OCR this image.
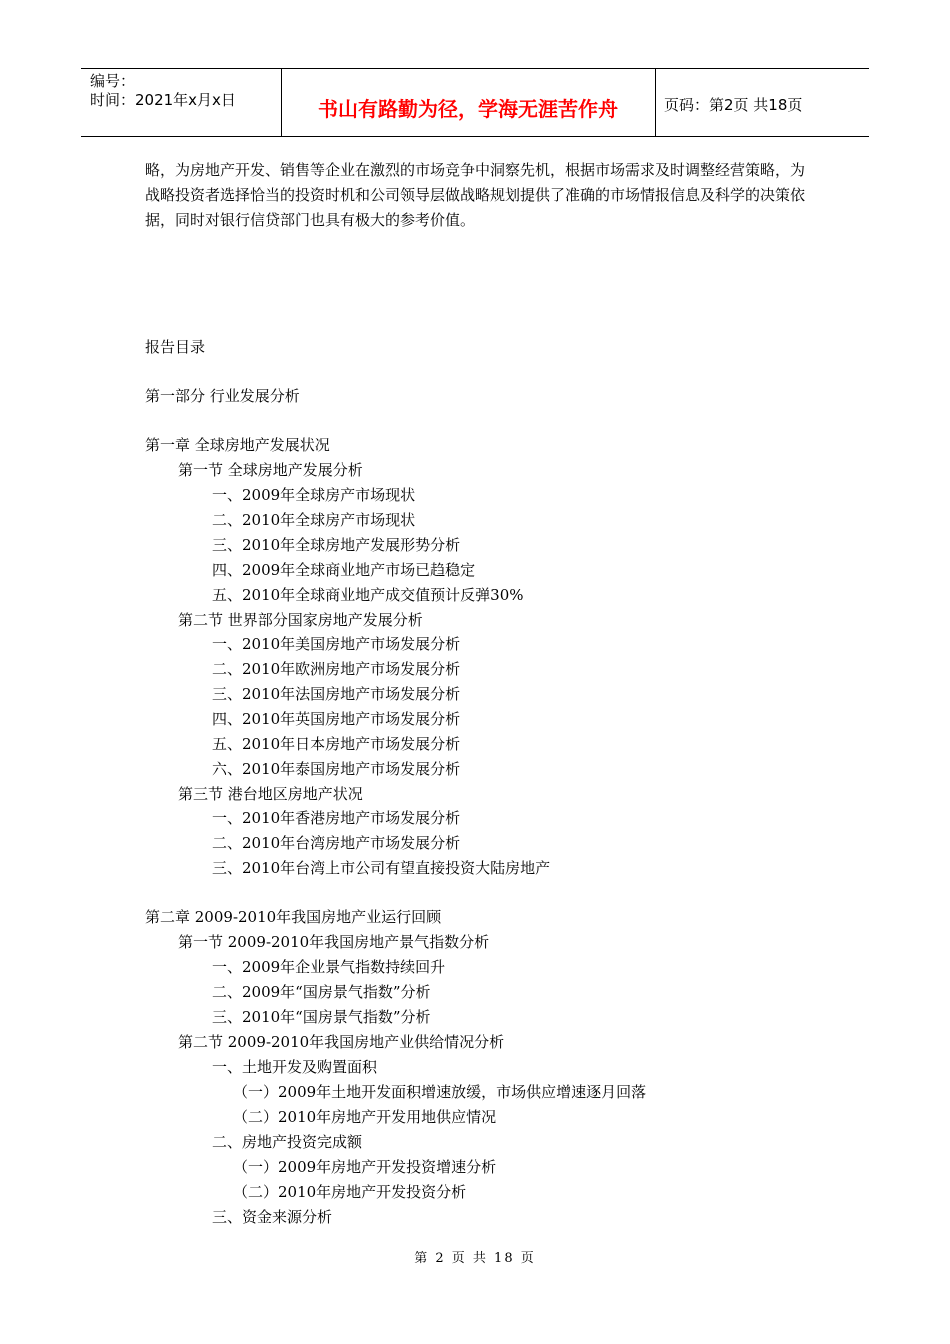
编号：
时间：2021年x月x日	书山有路勤为径，学海无涯苦作舟	页码：第2页 共18页

略，为房地产开发、销售等企业在激烈的市场竞争中洞察先机，根据市场需求及时调整经营策略，为战略投资者选择恰当的投资时机和公司领导层做战略规划提供了准确的市场情报信息及科学的决策依据，同时对银行信贷部门也具有极大的参考价值。

报告目录
第一部分 行业发展分析
第一章 全球房地产发展状况
第一节 全球房地产发展分析
一、2009年全球房产市场现状
二、2010年全球房产市场现状
三、2010年全球房地产发展形势分析
四、2009年全球商业地产市场已趋稳定
五、2010年全球商业地产成交值预计反弹30%
第二节 世界部分国家房地产发展分析
一、2010年美国房地产市场发展分析
二、2010年欧洲房地产市场发展分析
三、2010年法国房地产市场发展分析
四、2010年英国房地产市场发展分析
五、2010年日本房地产市场发展分析
六、2010年泰国房地产市场发展分析
第三节 港台地区房地产状况
一、2010年香港房地产市场发展分析
二、2010年台湾房地产市场发展分析
三、2010年台湾上市公司有望直接投资大陆房地产
第二章 2009-2010年我国房地产业运行回顾
第一节 2009-2010年我国房地产景气指数分析
一、2009年企业景气指数持续回升
二、2009年“国房景气指数”分析
三、2010年“国房景气指数”分析
第二节 2009-2010年我国房地产业供给情况分析
一、土地开发及购置面积
（一）2009年土地开发面积增速放缓，市场供应增速逐月回落
（二）2010年房地产开发用地供应情况
二、房地产投资完成额
（一）2009年房地产开发投资增速分析
（二）2010年房地产开发投资分析
三、资金来源分析
第 2 页 共 18 页
